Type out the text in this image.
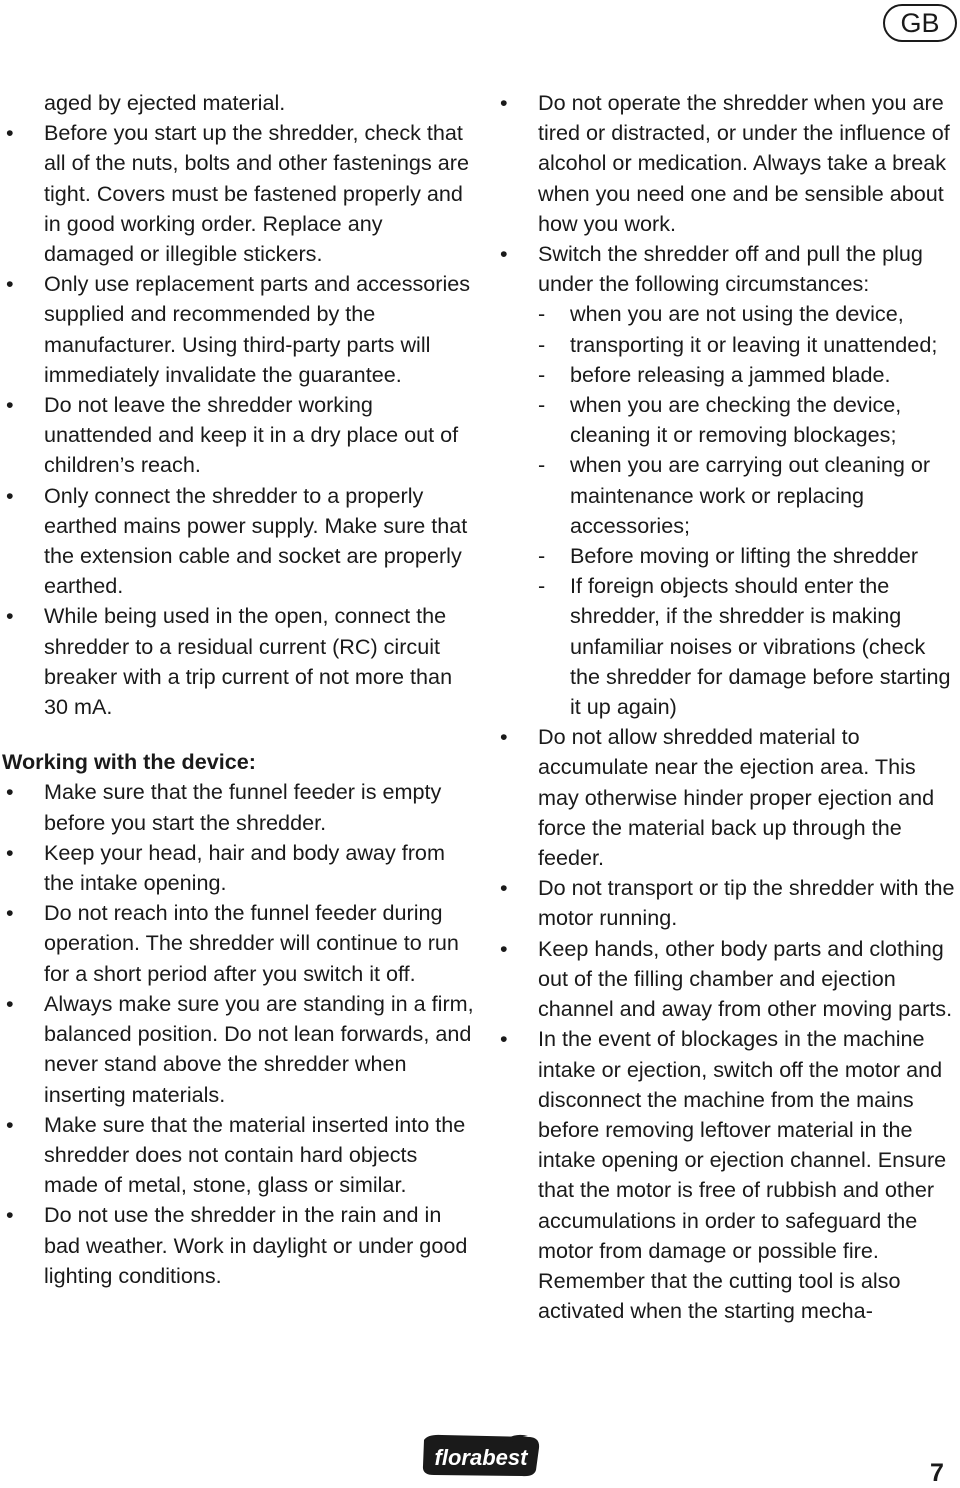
GB
aged by ejected material.
• Before you start up the shredder, check that all of the nuts, bolts and other fastenings are tight. Covers must be fastened properly and in good working order. Replace any damaged or illegible stickers.
• Only use replacement parts and accessories supplied and recommended by the manufacturer. Using third-party parts will immediately invalidate the guarantee.
• Do not leave the shredder working unattended and keep it in a dry place out of children’s reach.
• Only connect the shredder to a properly earthed mains power supply. Make sure that the extension cable and socket are properly earthed.
• While being used in the open, connect the shredder to a residual current (RC) circuit breaker with a trip current of not more than 30 mA.
Working with the device:
• Make sure that the funnel feeder is empty before you start the shredder.
• Keep your head, hair and body away from the intake opening.
• Do not reach into the funnel feeder during operation. The shredder will continue to run for a short period after you switch it off.
• Always make sure you are standing in a firm, balanced position. Do not lean forwards, and never stand above the shredder when inserting materials.
• Make sure that the material inserted into the shredder does not contain hard objects made of metal, stone, glass or similar.
• Do not use the shredder in the rain and in bad weather. Work in daylight or under good lighting conditions.
• Do not operate the shredder when you are tired or distracted, or under the influence of alcohol or medication. Always take a break when you need one and be sensible about how you work.
• Switch the shredder off and pull the plug under the following circumstances:
- when you are not using the device,
- transporting it or leaving it unattended;
- before releasing a jammed blade.
- when you are checking the device, cleaning it or removing blockages;
- when you are carrying out cleaning or maintenance work or replacing accessories;
- Before moving or lifting the shredder
- If foreign objects should enter the shredder, if the shredder is making unfamiliar noises or vibrations (check the shredder for damage before starting it up again)
• Do not allow shredded material to accumulate near the ejection area. This may otherwise hinder proper ejection and force the material back up through the feeder.
• Do not transport or tip the shredder with the motor running.
• Keep hands, other body parts and clothing out of the filling chamber and ejection channel and away from other moving parts.
• In the event of blockages in the machine intake or ejection, switch off the motor and disconnect the machine from the mains before removing leftover material in the intake opening or ejection channel. Ensure that the motor is free of rubbish and other accumulations in order to safeguard the motor from damage or possible fire. Remember that the cutting tool is also activated when the starting mecha-
florabest
7
